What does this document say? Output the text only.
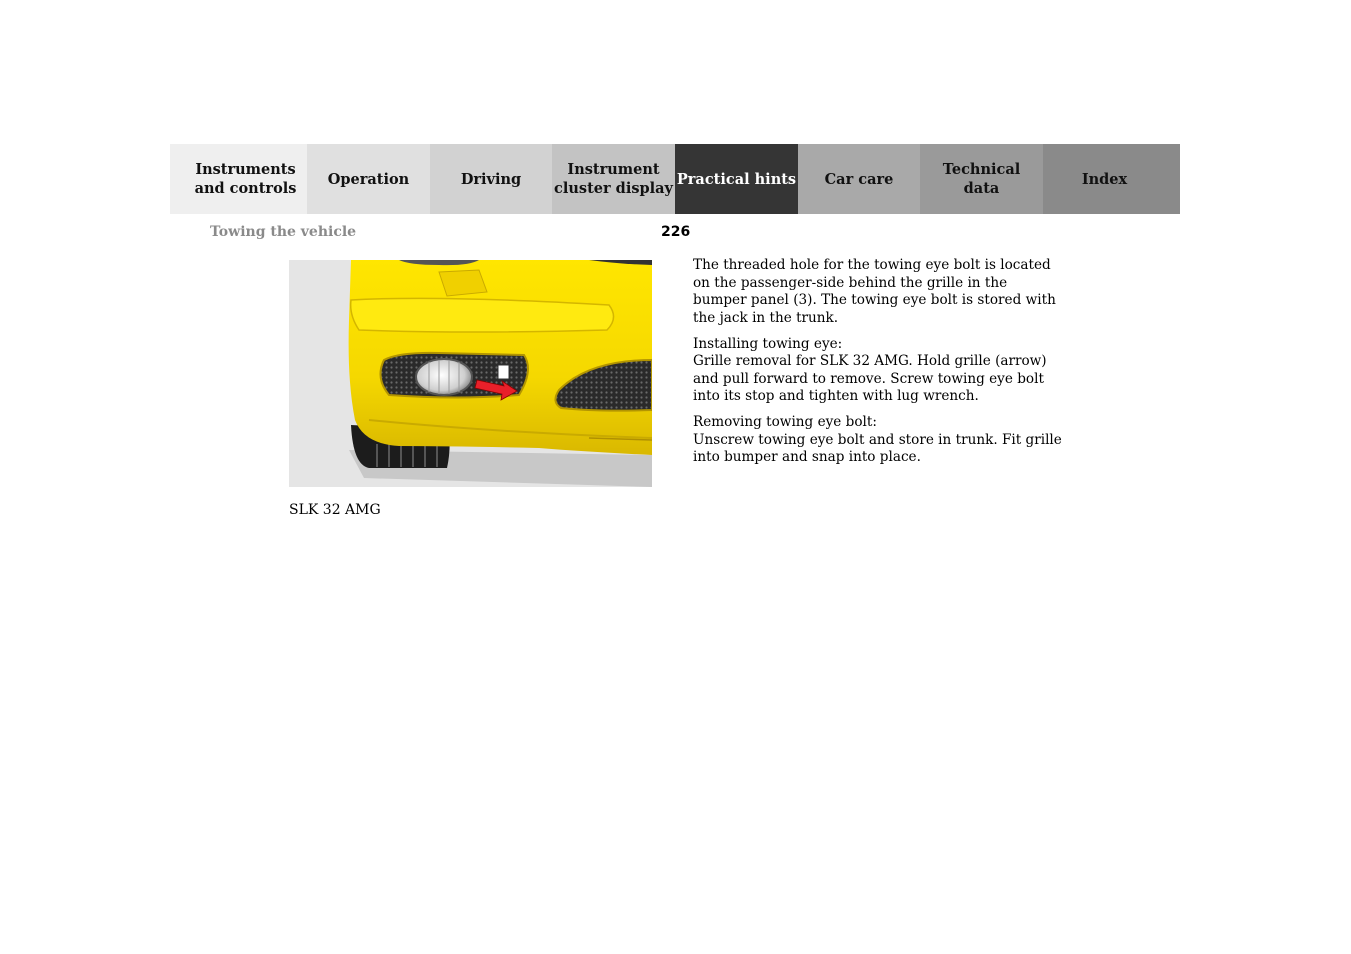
Instruments
and controls
Operation	Driving
Instrument
cluster display
Practical hints	Car care
Technical
data
Index
Towing the vehicle	226
SLK 32 AMG

The threaded hole for the towing eye bolt is located on the passenger-side behind the grille in the bumper panel (3). The towing eye bolt is stored with the jack in the trunk.

Installing towing eye:
Grille removal for SLK 32 AMG. Hold grille (arrow) and pull forward to remove. Screw towing eye bolt into its stop and tighten with lug wrench.

Removing towing eye bolt:
Unscrew towing eye bolt and store in trunk. Fit grille into bumper and snap into place.
